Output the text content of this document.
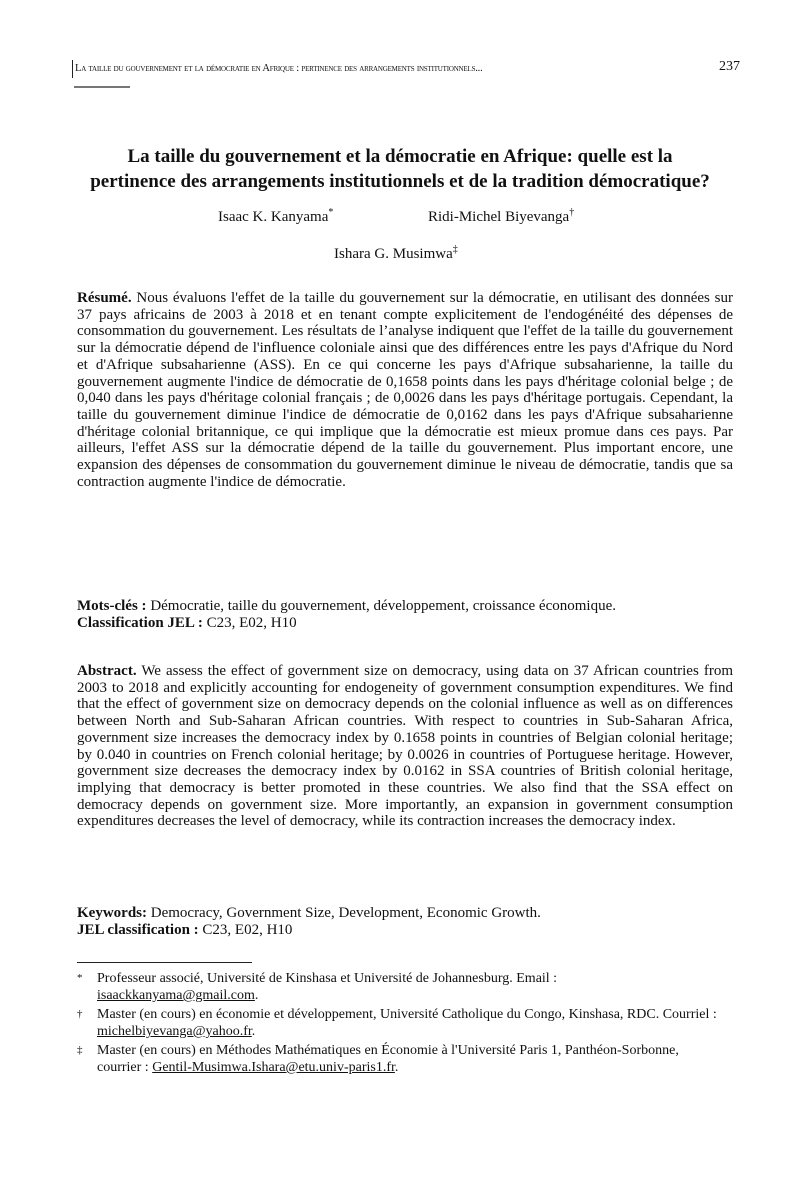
La taille du gouvernement et la démocratie en Afrique : pertinence des arrangements institutionnels...	237
La taille du gouvernement et la démocratie en Afrique: quelle est la pertinence des arrangements institutionnels et de la tradition démocratique?
Isaac K. Kanyama*	Ridi-Michel Biyevanga†
Ishara G. Musimwa‡
Résumé. Nous évaluons l'effet de la taille du gouvernement sur la démocratie, en utilisant des données sur 37 pays africains de 2003 à 2018 et en tenant compte explicitement de l'endogénéité des dépenses de consommation du gouvernement. Les résultats de l’analyse indiquent que l'effet de la taille du gouvernement sur la démocratie dépend de l'influence coloniale ainsi que des différences entre les pays d'Afrique du Nord et d'Afrique subsaharienne (ASS). En ce qui concerne les pays d'Afrique subsaharienne, la taille du gouvernement augmente l'indice de démocratie de 0,1658 points dans les pays d'héritage colonial belge ; de 0,040 dans les pays d'héritage colonial français ; de 0,0026 dans les pays d'héritage portugais. Cependant, la taille du gouvernement diminue l'indice de démocratie de 0,0162 dans les pays d'Afrique subsaharienne d'héritage colonial britannique, ce qui implique que la démocratie est mieux promue dans ces pays. Par ailleurs, l'effet ASS sur la démocratie dépend de la taille du gouvernement. Plus important encore, une expansion des dépenses de consommation du gouvernement diminue le niveau de démocratie, tandis que sa contraction augmente l'indice de démocratie.
Mots-clés : Démocratie, taille du gouvernement, développement, croissance économique.
Classification JEL : C23, E02, H10
Abstract. We assess the effect of government size on democracy, using data on 37 African countries from 2003 to 2018 and explicitly accounting for endogeneity of government consumption expenditures. We find that the effect of government size on democracy depends on the colonial influence as well as on differences between North and Sub-Saharan African countries. With respect to countries in Sub-Saharan Africa, government size increases the democracy index by 0.1658 points in countries of Belgian colonial heritage; by 0.040 in countries on French colonial heritage; by 0.0026 in countries of Portuguese heritage. However, government size decreases the democracy index by 0.0162 in SSA countries of British colonial heritage, implying that democracy is better promoted in these countries. We also find that the SSA effect on democracy depends on government size. More importantly, an expansion in government consumption expenditures decreases the level of democracy, while its contraction increases the democracy index.
Keywords: Democracy, Government Size, Development, Economic Growth.
JEL classification : C23, E02, H10
* Professeur associé, Université de Kinshasa et Université de Johannesburg. Email : isaackkanyama@gmail.com.
† Master (en cours) en économie et développement, Université Catholique du Congo, Kinshasa, RDC. Courriel : michelbiyevanga@yahoo.fr.
‡ Master (en cours) en Méthodes Mathématiques en Économie à l'Université Paris 1, Panthéon-Sorbonne, courrier : Gentil-Musimwa.Ishara@etu.univ-paris1.fr.
